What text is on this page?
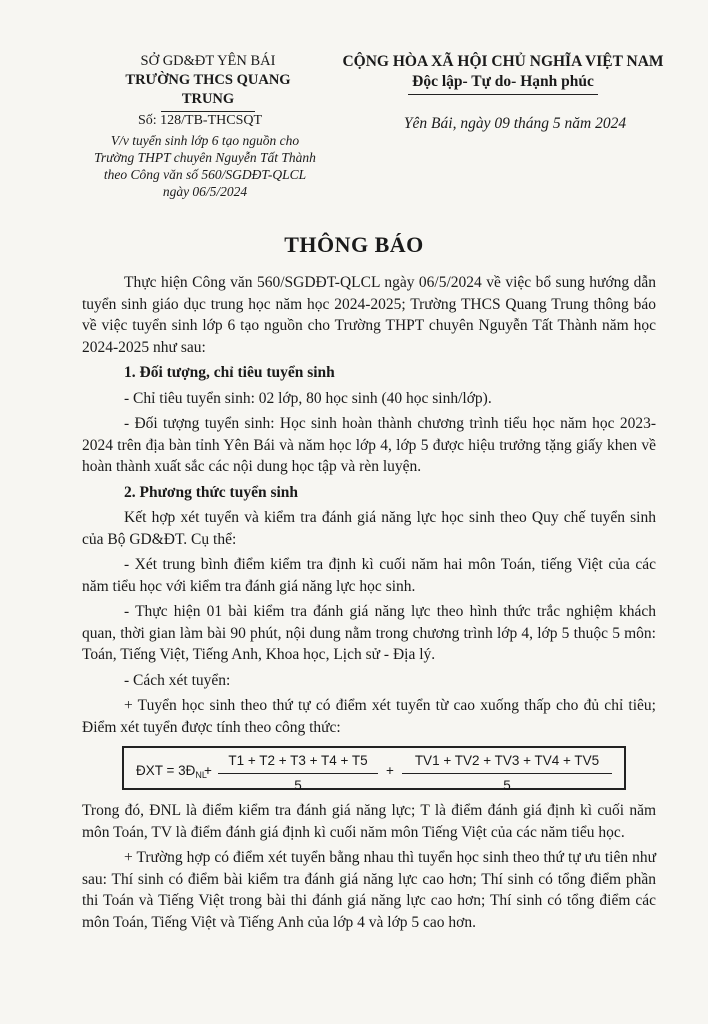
SỞ GD&ĐT YÊN BÁI
TRƯỜNG THCS QUANG TRUNG
CỘNG HÒA XÃ HỘI CHỦ NGHĨA VIỆT NAM
Độc lập- Tự do- Hạnh phúc
Số: 128/TB-THCSQT
V/v tuyển sinh lớp 6 tạo nguồn cho
Trường THPT chuyên Nguyễn Tất Thành
theo Công văn số 560/SGDĐT-QLCL
ngày 06/5/2024
Yên Bái, ngày 09 tháng 5 năm 2024
THÔNG BÁO

Thực hiện Công văn 560/SGDĐT-QLCL ngày 06/5/2024 về việc bổ sung hướng dẫn tuyển sinh giáo dục trung học năm học 2024-2025; Trường THCS Quang Trung thông báo về việc tuyển sinh lớp 6 tạo nguồn cho Trường THPT chuyên Nguyễn Tất Thành năm học 2024-2025 như sau:

1. Đối tượng, chỉ tiêu tuyển sinh

- Chỉ tiêu tuyển sinh: 02 lớp, 80 học sinh (40 học sinh/lớp).

- Đối tượng tuyển sinh: Học sinh hoàn thành chương trình tiểu học năm học 2023-2024 trên địa bàn tỉnh Yên Bái và năm học lớp 4, lớp 5 được hiệu trưởng tặng giấy khen về hoàn thành xuất sắc các nội dung học tập và rèn luyện.

2. Phương thức tuyển sinh

Kết hợp xét tuyển và kiểm tra đánh giá năng lực học sinh theo Quy chế tuyển sinh của Bộ GD&ĐT. Cụ thể:

- Xét trung bình điểm kiểm tra định kì cuối năm hai môn Toán, tiếng Việt của các năm tiểu học với kiểm tra đánh giá năng lực học sinh.

- Thực hiện 01 bài kiểm tra đánh giá năng lực theo hình thức trắc nghiệm khách quan, thời gian làm bài 90 phút, nội dung nằm trong chương trình lớp 4, lớp 5 thuộc 5 môn: Toán, Tiếng Việt, Tiếng Anh, Khoa học, Lịch sử - Địa lý.

- Cách xét tuyển:

+ Tuyển học sinh theo thứ tự có điểm xét tuyển từ cao xuống thấp cho đủ chỉ tiêu; Điểm xét tuyển được tính theo công thức:

ĐXT = $3Đ_{NL}$
+ $\frac{T1 + T2 + T3 + T4 + T5}{5} + \frac{TV1 + TV2 + TV3 + TV4 + TV5}{5}$

Trong đó, ĐNL là điểm kiểm tra đánh giá năng lực; T là điểm đánh giá định kì cuối năm môn Toán, TV là điểm đánh giá định kì cuối năm môn Tiếng Việt của các năm tiểu học.

+ Trường hợp có điểm xét tuyển bằng nhau thì tuyển học sinh theo thứ tự ưu tiên như sau: Thí sinh có điểm bài kiểm tra đánh giá năng lực cao hơn; Thí sinh có tổng điểm phần thi Toán và Tiếng Việt trong bài thi đánh giá năng lực cao hơn; Thí sinh có tổng điểm các môn Toán, Tiếng Việt và Tiếng Anh của lớp 4 và lớp 5 cao hơn.
